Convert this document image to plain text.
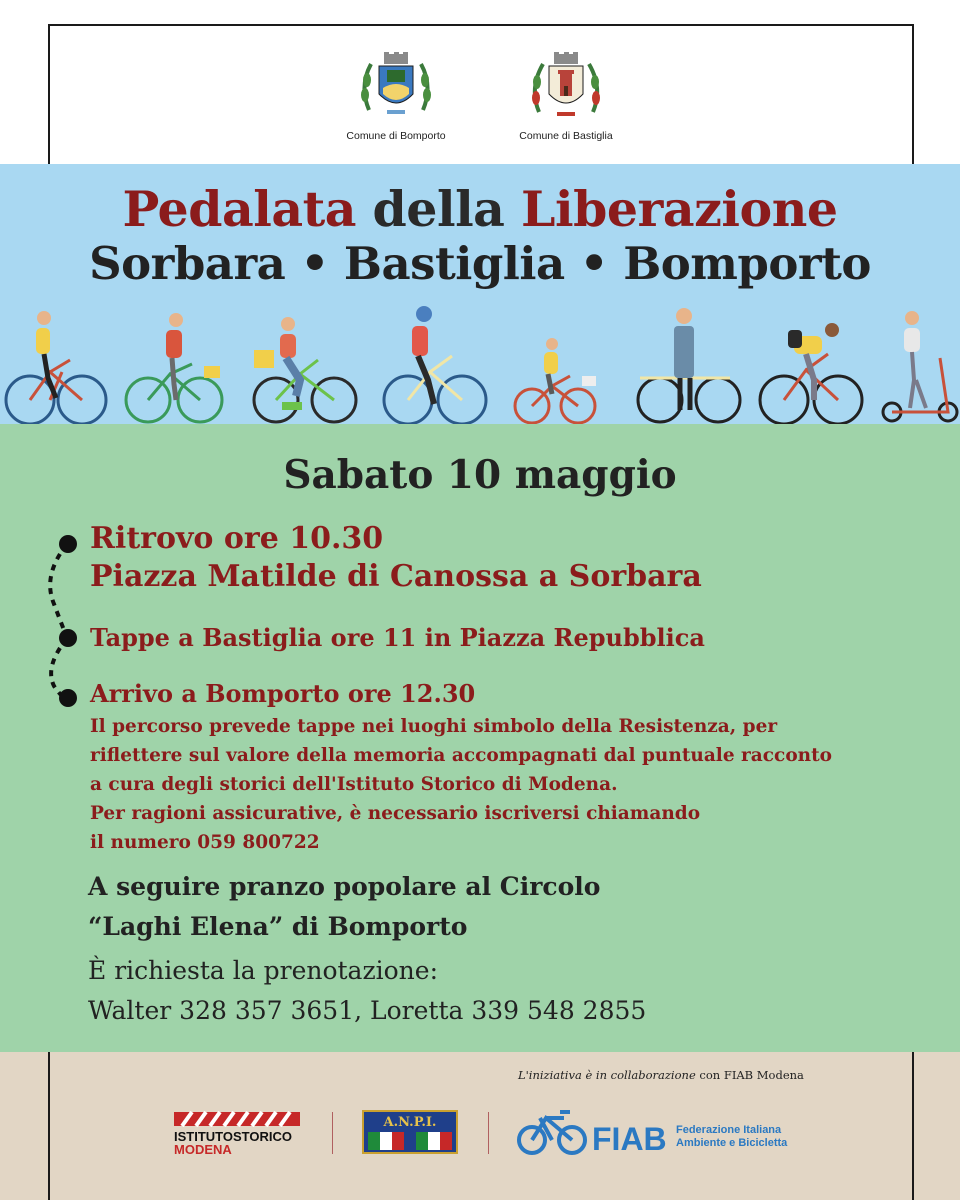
Comune di Bomporto	Comune di Bastiglia
Pedalata della Liberazione
Sorbara • Bastiglia • Bomporto
Sabato 10 maggio
Ritrovo ore 10.30
Piazza Matilde di Canossa a Sorbara
Tappe a Bastiglia ore 11 in Piazza Repubblica
Arrivo a Bomporto ore 12.30
Il percorso prevede tappe nei luoghi simbolo della Resistenza, per
riflettere sul valore della memoria accompagnati dal puntuale racconto
a cura degli storici dell'Istituto Storico di Modena.
Per ragioni assicurative, è necessario iscriversi chiamando
il numero 059 800722
A seguire pranzo popolare al Circolo
“Laghi Elena” di Bomporto
È richiesta la prenotazione:
Walter 328 357 3651, Loretta 339 548 2855
L'iniziativa è in collaborazione con FIAB Modena
ISTITUTOSTORICO
MODENA
A.N.P.I.	FIAB Federazione Italiana
Ambiente e Bicicletta
